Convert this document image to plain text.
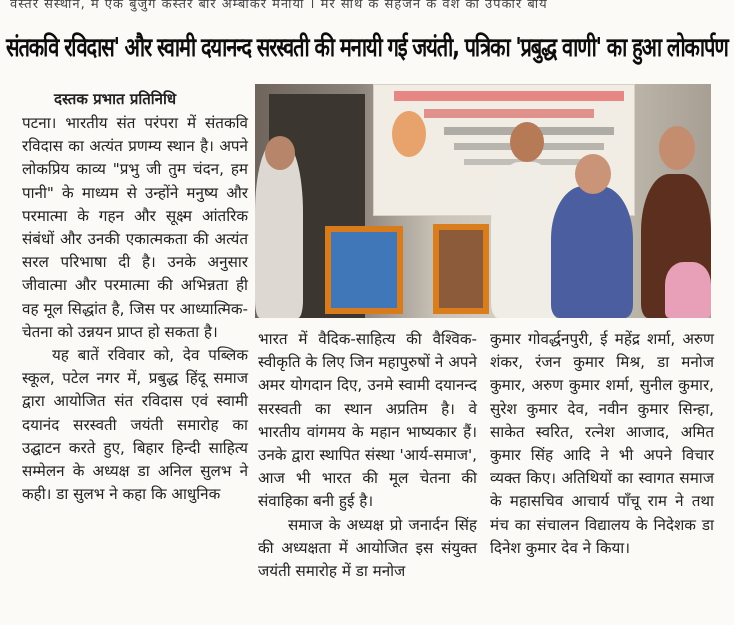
वस्तर सस्थान, म एक बुजुग कस्तर बार अम्बाकर मनाया । मर साथ क सहजन क वश का उपकार बाय
संतकवि रविदास' और स्वामी दयानन्द सरस्वती की मनायी गई जयंती, पत्रिका 'प्रबुद्ध वाणी' का हुआ लोकार्पण
दस्तक प्रभात प्रतिनिधि

पटना। भारतीय संत परंपरा में संतकवि रविदास का अत्यंत प्रणम्य स्थान है। अपने लोकप्रिय काव्य "प्रभु जी तुम चंदन, हम पानी" के माध्यम से उन्होंने मनुष्य और परमात्मा के गहन और सूक्ष्म आंतरिक संबंधों और उनकी एकात्मकता की अत्यंत सरल परिभाषा दी है। उनके अनुसार जीवात्मा और परमात्मा की अभिन्नता ही वह मूल सिद्धांत है, जिस पर आध्यात्मिक-चेतना को उन्नयन प्राप्त हो सकता है।

यह बातें रविवार को, देव पब्लिक स्कूल, पटेल नगर में, प्रबुद्ध हिंदू समाज द्वारा आयोजित संत रविदास एवं स्वामी दयानंद सरस्वती जयंती समारोह का उद्घाटन करते हुए, बिहार हिन्दी साहित्य सम्मेलन के अध्यक्ष डा अनिल सुलभ ने कही। डा सुलभ ने कहा कि आधुनिक

भारत में वैदिक-साहित्य की वैश्विक-स्वीकृति के लिए जिन महापुरुषों ने अपने अमर योगदान दिए, उनमे स्वामी दयानन्द सरस्वती का स्थान अप्रतिम है। वे भारतीय वांगमय के महान भाष्यकार हैं। उनके द्वारा स्थापित संस्था 'आर्य-समाज', आज भी भारत की मूल चेतना की संवाहिका बनी हुई है।

समाज के अध्यक्ष प्रो जनार्दन सिंह की अध्यक्षता में आयोजित इस संयुक्त जयंती समारोह में डा मनोज

कुमार गोवर्द्धनपुरी, ई महेंद्र शर्मा, अरुण शंकर, रंजन कुमार मिश्र, डा मनोज कुमार, अरुण कुमार शर्मा, सुनील कुमार, सुरेश कुमार देव, नवीन कुमार सिन्हा, साकेत स्वरित, रत्नेश आजाद, अमित कुमार सिंह आदि ने भी अपने विचार व्यक्त किए। अतिथियों का स्वागत समाज के महासचिव आचार्य पाँचू राम ने तथा मंच का संचालन विद्यालय के निदेशक डा दिनेश कुमार देव ने किया।
